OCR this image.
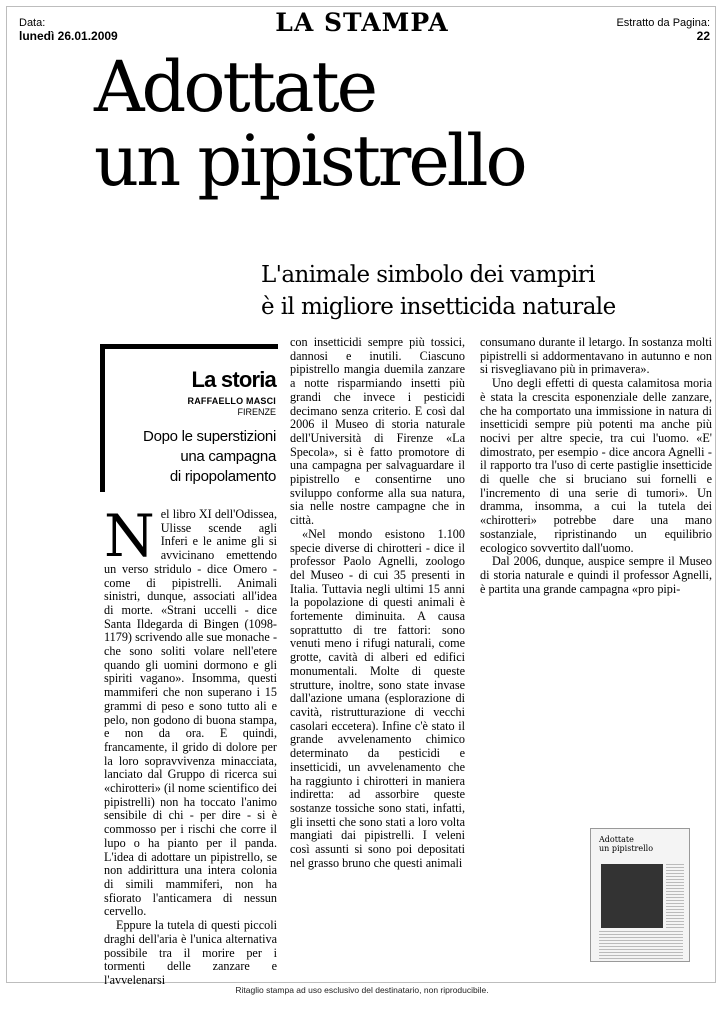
Data:
lunedì 26.01.2009	LA STAMPA	Estratto da Pagina:
22
Adottate
un pipistrello
L'animale simbolo dei vampiri
è il migliore insetticida naturale
La storia
RAFFAELLO MASCI
FIRENZE
Dopo le superstizioni
una campagna
di ripopolamento

Nel libro XI dell'Odissea, Ulisse scende agli Inferi e le anime gli si avvicinano emettendo un verso stridulo - dice Omero - come di pipistrelli. Animali sinistri, dunque, associati all'idea di morte. «Strani uccelli - dice Santa Ildegarda di Bingen (1098-1179) scrivendo alle sue monache - che sono soliti volare nell'etere quando gli uomini dormono e gli spiriti vagano». Insomma, questi mammiferi che non superano i 15 grammi di peso e sono tutto ali e pelo, non godono di buona stampa, e non da ora. E quindi, francamente, il grido di dolore per la loro sopravvivenza minacciata, lanciato dal Gruppo di ricerca sui «chirotteri» (il nome scientifico dei pipistrelli) non ha toccato l'animo sensibile di chi - per dire - si è commosso per i rischi che corre il lupo o ha pianto per il panda. L'idea di adottare un pipistrello, se non addirittura una intera colonia di simili mammiferi, non ha sfiorato l'anticamera di nessun cervello.

Eppure la tutela di questi piccoli draghi dell'aria è l'unica alternativa possibile tra il morire per i tormenti delle zanzare e l'avvelenarsi

con insetticidi sempre più tossici, dannosi e inutili. Ciascuno pipistrello mangia duemila zanzare a notte risparmiando insetti più grandi che invece i pesticidi decimano senza criterio. E così dal 2006 il Museo di storia naturale dell'Università di Firenze «La Specola», si è fatto promotore di una campagna per salvaguardare il pipistrello e consentirne uno sviluppo conforme alla sua natura, sia nelle nostre campagne che in città.

«Nel mondo esistono 1.100 specie diverse di chirotteri - dice il professor Paolo Agnelli, zoologo del Museo - di cui 35 presenti in Italia. Tuttavia negli ultimi 15 anni la popolazione di questi animali è fortemente diminuita. A causa soprattutto di tre fattori: sono venuti meno i rifugi naturali, come grotte, cavità di alberi ed edifici monumentali. Molte di queste strutture, inoltre, sono state invase dall'azione umana (esplorazione di cavità, ristrutturazione di vecchi casolari eccetera). Infine c'è stato il grande avvelenamento chimico determinato da pesticidi e insetticidi, un avvelenamento che ha raggiunto i chirotteri in maniera indiretta: ad assorbire queste sostanze tossiche sono stati, infatti, gli insetti che sono stati a loro volta mangiati dai pipistrelli. I veleni così assunti si sono poi depositati nel grasso bruno che questi animali

consumano durante il letargo. In sostanza molti pipistrelli si addormentavano in autunno e non si risvegliavano più in primavera».

Uno degli effetti di questa calamitosa moria è stata la crescita esponenziale delle zanzare, che ha comportato una immissione in natura di insetticidi sempre più potenti ma anche più nocivi per altre specie, tra cui l'uomo. «E' dimostrato, per esempio - dice ancora Agnelli - il rapporto tra l'uso di certe pastiglie insetticide di quelle che si bruciano sui fornelli e l'incremento di una serie di tumori». Un dramma, insomma, a cui la tutela dei «chirotteri» potrebbe dare una mano sostanziale, ripristinando un equilibrio ecologico sovvertito dall'uomo.

Dal 2006, dunque, auspice sempre il Museo di storia naturale e quindi il professor Agnelli, è partita una grande campagna «pro pipi-

Adottate
un pipistrello
Ritaglio stampa ad uso esclusivo del destinatario, non riproducibile.
